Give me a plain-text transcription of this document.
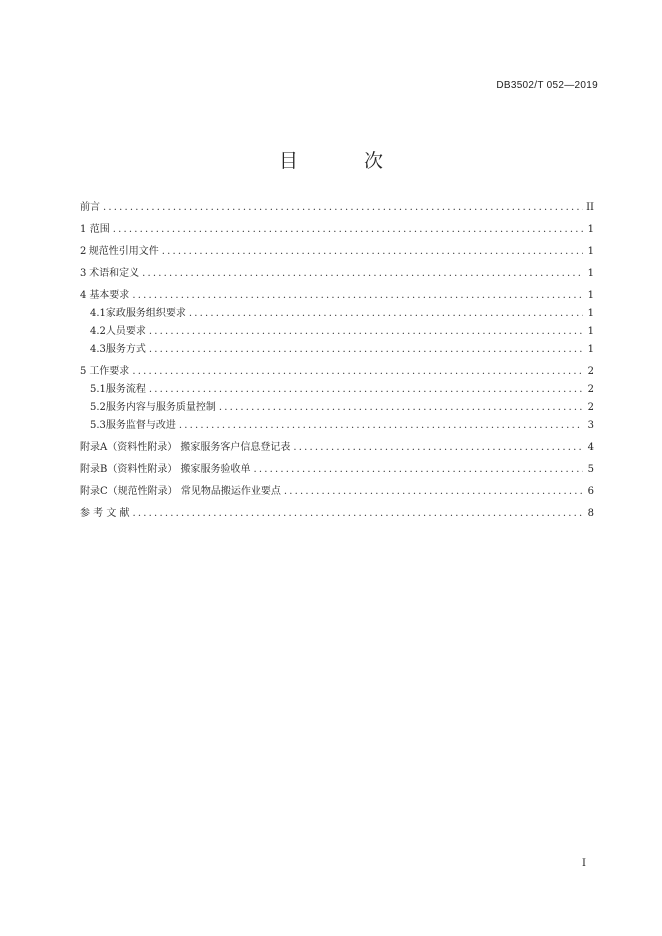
DB3502/T 052—2019
目 次
前言 .....	II
1 范围 .....	1
2 规范性引用文件 .....	1
3 术语和定义 .....	1
4 基本要求 .....	1
4.1 家政服务组织要求 .....	1
4.2 人员要求 .....	1
4.3 服务方式 .....	1
5 工作要求 .....	2
5.1 服务流程 .....	2
5.2 服务内容与服务质量控制 .....	2
5.3 服务监督与改进 .....	3
附录A（资料性附录） 搬家服务客户信息登记表 .....	4
附录B（资料性附录） 搬家服务验收单 .....	5
附录C（规范性附录） 常见物品搬运作业要点 .....	6
参 考 文 献 .....	8
I
